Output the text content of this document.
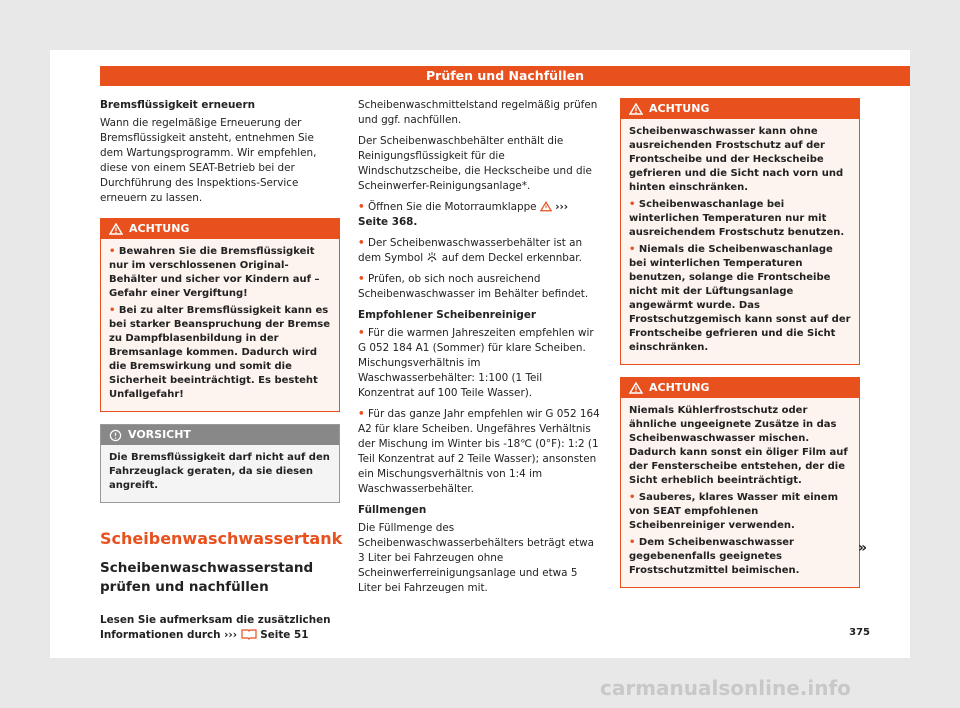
Prüfen und Nachfüllen

Bremsflüssigkeit erneuern

Wann die regelmäßige Erneuerung der Bremsflüssigkeit ansteht, entnehmen Sie dem Wartungsprogramm. Wir empfehlen, diese von einem SEAT-Betrieb bei der Durchführung des Inspektions-Service erneuern zu lassen.

ACHTUNG

• Bewahren Sie die Bremsflüssigkeit nur im verschlossenen Original-Behälter und sicher vor Kindern auf – Gefahr einer Vergiftung!

• Bei zu alter Bremsflüssigkeit kann es bei starker Beanspruchung der Bremse zu Dampfblasenbildung in der Bremsanlage kommen. Dadurch wird die Bremswirkung und somit die Sicherheit beeinträchtigt. Es besteht Unfallgefahr!

VORSICHT

Die Bremsflüssigkeit darf nicht auf den Fahrzeuglack geraten, da sie diesen angreift.

Scheibenwaschwassertank
Scheibenwaschwasserstand prüfen und nachfüllen

Lesen Sie aufmerksam die zusätzlichen Informationen durch ››› Seite 51

Scheibenwaschmittelstand regelmäßig prüfen und ggf. nachfüllen.

Der Scheibenwaschbehälter enthält die Reinigungsflüssigkeit für die Windschutzscheibe, die Heckscheibe und die Scheinwerfer-Reinigungsanlage*.

• Öffnen Sie die Motorraumklappe ››› Seite 368.

• Der Scheibenwaschwasserbehälter ist an dem Symbol auf dem Deckel erkennbar.

• Prüfen, ob sich noch ausreichend Scheibenwaschwasser im Behälter befindet.

Empfohlener Scheibenreiniger

• Für die warmen Jahreszeiten empfehlen wir G 052 184 A1 (Sommer) für klare Scheiben. Mischungsverhältnis im Waschwasserbehälter: 1:100 (1 Teil Konzentrat auf 100 Teile Wasser).

• Für das ganze Jahr empfehlen wir G 052 164 A2 für klare Scheiben. Ungefähres Verhältnis der Mischung im Winter bis -18℃ (0°F): 1:2 (1 Teil Konzentrat auf 2 Teile Wasser); ansonsten ein Mischungsverhältnis von 1:4 im Waschwasserbehälter.

Füllmengen

Die Füllmenge des Scheibenwaschwasserbehälters beträgt etwa 3 Liter bei Fahrzeugen ohne Scheinwerferreinigungsanlage und etwa 5 Liter bei Fahrzeugen mit.

ACHTUNG

Scheibenwaschwasser kann ohne ausreichenden Frostschutz auf der Frontscheibe und der Heckscheibe gefrieren und die Sicht nach vorn und hinten einschränken.

• Scheibenwaschanlage bei winterlichen Temperaturen nur mit ausreichendem Frostschutz benutzen.

• Niemals die Scheibenwaschanlage bei winterlichen Temperaturen benutzen, solange die Frontscheibe nicht mit der Lüftungsanlage angewärmt wurde. Das Frostschutzgemisch kann sonst auf der Frontscheibe gefrieren und die Sicht einschränken.

ACHTUNG

Niemals Kühlerfrostschutz oder ähnliche ungeeignete Zusätze in das Scheibenwaschwasser mischen. Dadurch kann sonst ein öliger Film auf der Fensterscheibe entstehen, der die Sicht erheblich beeinträchtigt.

• Sauberes, klares Wasser mit einem von SEAT empfohlenen Scheibenreiniger verwenden.

• Dem Scheibenwaschwasser gegebenenfalls geeignetes Frostschutzmittel beimischen.

»
375
carmanualsonline.info
